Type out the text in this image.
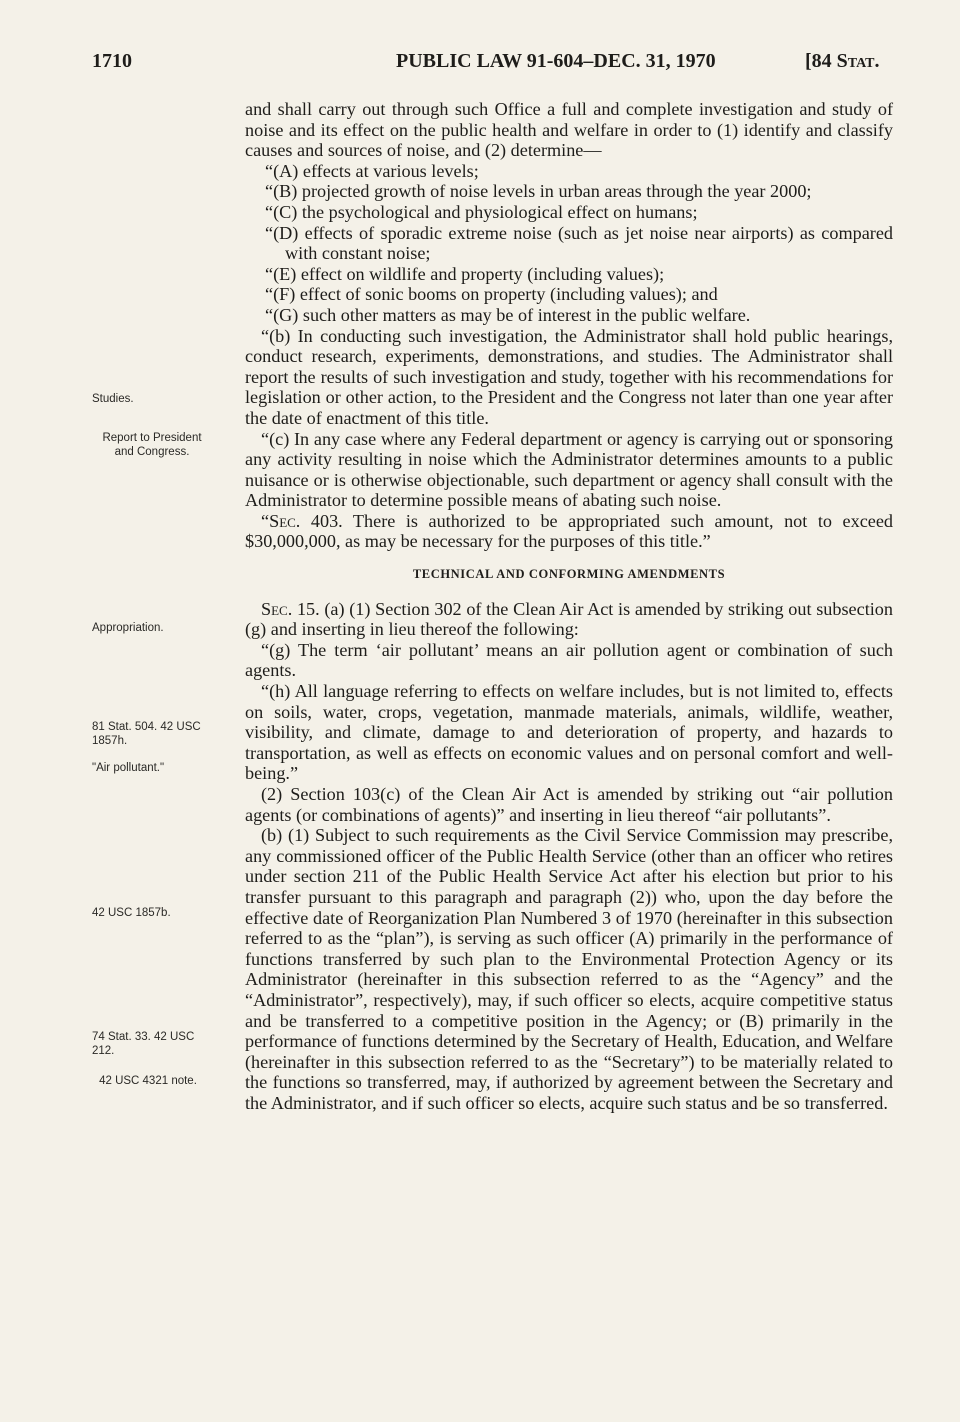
1710	PUBLIC LAW 91-604–DEC. 31, 1970	[84 Stat.
Studies.
Report to President and Congress.
Appropriation.
81 Stat. 504. 42 USC 1857h.
"Air pollutant."
42 USC 1857b.
74 Stat. 33. 42 USC 212.
42 USC 4321 note.

and shall carry out through such Office a full and complete investigation and study of noise and its effect on the public health and welfare in order to (1) identify and classify causes and sources of noise, and (2) determine—

“(A) effects at various levels;

“(B) projected growth of noise levels in urban areas through the year 2000;

“(C) the psychological and physiological effect on humans;

“(D) effects of sporadic extreme noise (such as jet noise near airports) as compared with constant noise;

“(E) effect on wildlife and property (including values);

“(F) effect of sonic booms on property (including values); and

“(G) such other matters as may be of interest in the public welfare.

“(b) In conducting such investigation, the Administrator shall hold public hearings, conduct research, experiments, demonstrations, and studies. The Administrator shall report the results of such investigation and study, together with his recommendations for legislation or other action, to the President and the Congress not later than one year after the date of enactment of this title.

“(c) In any case where any Federal department or agency is carrying out or sponsoring any activity resulting in noise which the Administrator determines amounts to a public nuisance or is otherwise objectionable, such department or agency shall consult with the Administrator to determine possible means of abating such noise.

“Sec. 403. There is authorized to be appropriated such amount, not to exceed $30,000,000, as may be necessary for the purposes of this title.”

TECHNICAL AND CONFORMING AMENDMENTS

Sec. 15. (a) (1) Section 302 of the Clean Air Act is amended by striking out subsection (g) and inserting in lieu thereof the following:

“(g) The term ‘air pollutant’ means an air pollution agent or combination of such agents.

“(h) All language referring to effects on welfare includes, but is not limited to, effects on soils, water, crops, vegetation, manmade materials, animals, wildlife, weather, visibility, and climate, damage to and deterioration of property, and hazards to transportation, as well as effects on economic values and on personal comfort and well-being.”

(2) Section 103(c) of the Clean Air Act is amended by striking out “air pollution agents (or combinations of agents)” and inserting in lieu thereof “air pollutants”.

(b) (1) Subject to such requirements as the Civil Service Commission may prescribe, any commissioned officer of the Public Health Service (other than an officer who retires under section 211 of the Public Health Service Act after his election but prior to his transfer pursuant to this paragraph and paragraph (2)) who, upon the day before the effective date of Reorganization Plan Numbered 3 of 1970 (hereinafter in this subsection referred to as the “plan”), is serving as such officer (A) primarily in the performance of functions transferred by such plan to the Environmental Protection Agency or its Administrator (hereinafter in this subsection referred to as the “Agency” and the “Administrator”, respectively), may, if such officer so elects, acquire competitive status and be transferred to a competitive position in the Agency; or (B) primarily in the performance of functions determined by the Secretary of Health, Education, and Welfare (hereinafter in this subsection referred to as the “Secretary”) to be materially related to the functions so transferred, may, if authorized by agreement between the Secretary and the Administrator, and if such officer so elects, acquire such status and be so transferred.
